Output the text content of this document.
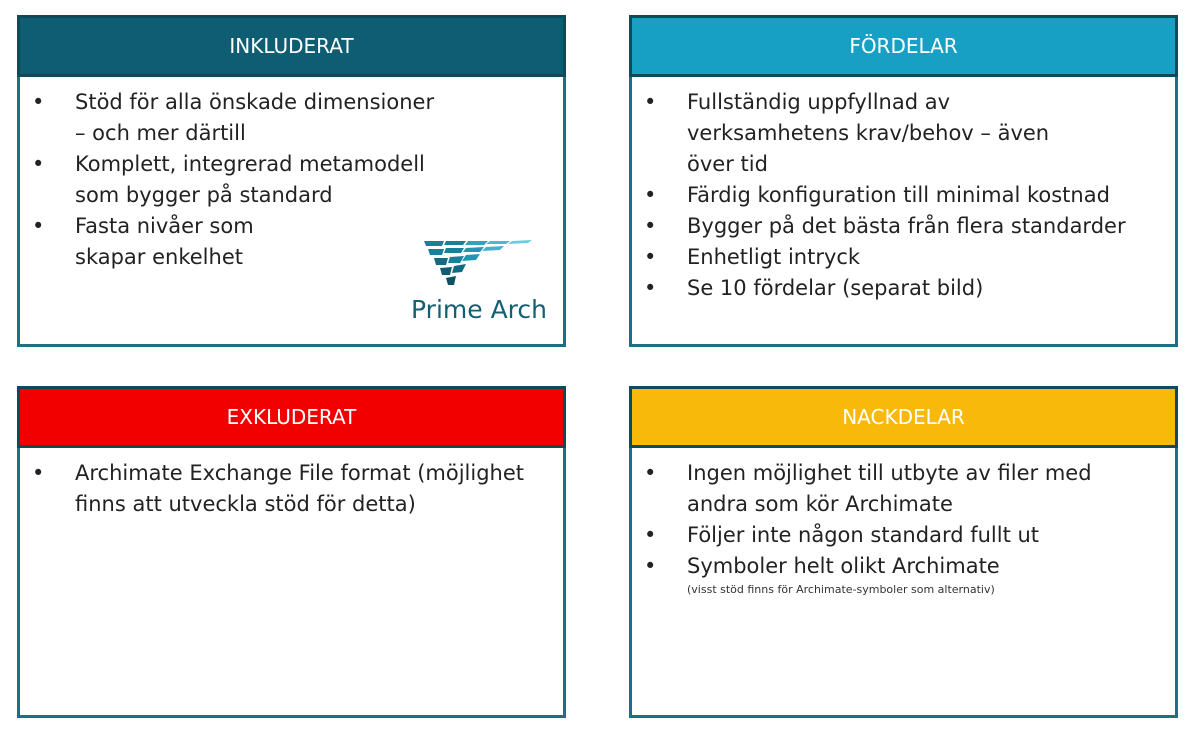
INKLUDERAT
• Stöd för alla önskade dimensioner – och mer därtill
• Komplett, integrerad metamodell som bygger på standard
• Fasta nivåer som skapar enkelhet
Prime Arch
FÖRDELAR
• Fullständig uppfyllnad av verksamhetens krav/behov – även över tid
• Färdig konfiguration till minimal kostnad
• Bygger på det bästa från flera standarder
• Enhetligt intryck
• Se 10 fördelar (separat bild)
EXKLUDERAT
• Archimate Exchange File format (möjlighet finns att utveckla stöd för detta)
NACKDELAR
• Ingen möjlighet till utbyte av filer med andra som kör Archimate
• Följer inte någon standard fullt ut
• Symboler helt olikt Archimate
(visst stöd finns för Archimate-symboler som alternativ)
